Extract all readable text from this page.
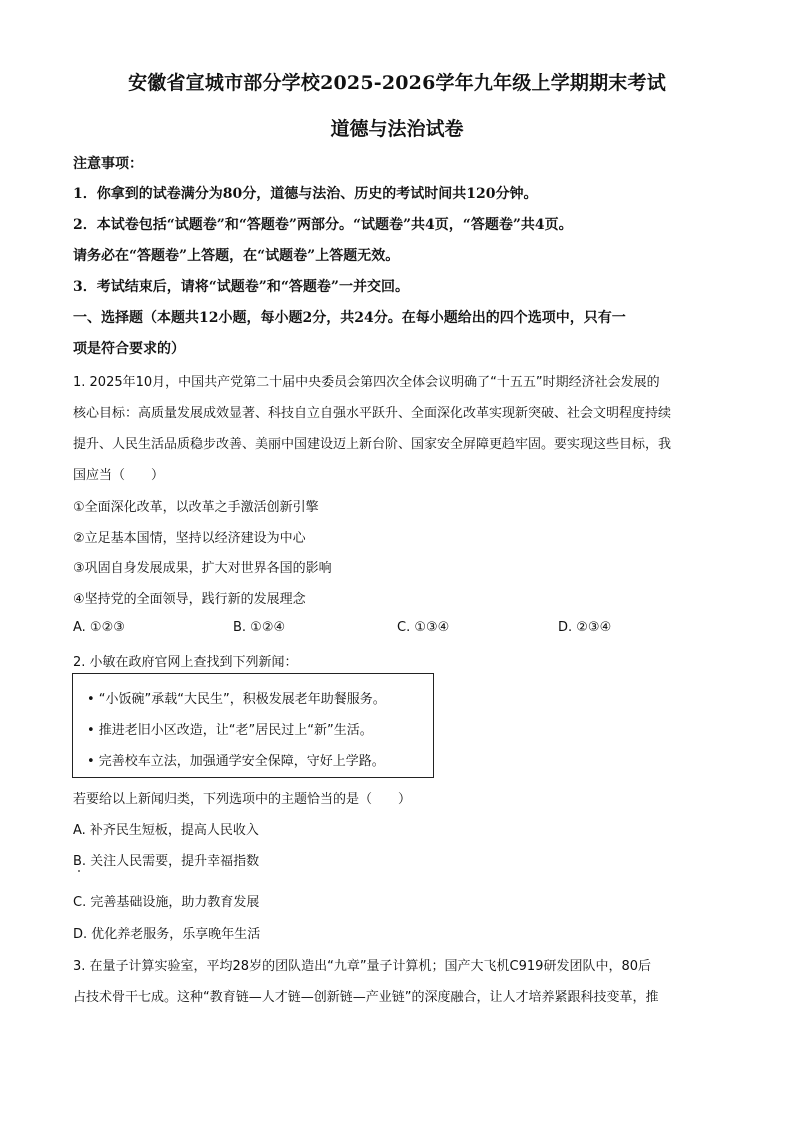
安徽省宣城市部分学校2025-2026学年九年级上学期期末考试
道德与法治试卷
注意事项：
1．你拿到的试卷满分为80分，道德与法治、历史的考试时间共120分钟。
2．本试卷包括“试题卷”和“答题卷”两部分。“试题卷”共4页，“答题卷”共4页。
请务必在“答题卷”上答题，在“试题卷”上答题无效。
3．考试结束后，请将“试题卷”和“答题卷”一并交回。
一、选择题（本题共12小题，每小题2分，共24分。在每小题给出的四个选项中，只有一
项是符合要求的）
1. 2025年10月，中国共产党第二十届中央委员会第四次全体会议明确了“十五五”时期经济社会发展的
核心目标：高质量发展成效显著、科技自立自强水平跃升、全面深化改革实现新突破、社会文明程度持续
提升、人民生活品质稳步改善、美丽中国建设迈上新台阶、国家安全屏障更趋牢固。要实现这些目标，我
国应当（　　）
①全面深化改革，以改革之手激活创新引擎
②立足基本国情，坚持以经济建设为中心
③巩固自身发展成果，扩大对世界各国的影响
④坚持党的全面领导，践行新的发展理念
A. ①②③	B. ①②④	C. ①③④	D. ②③④
2. 小敏在政府官网上查找到下列新闻：
• “小饭碗”承载“大民生”，积极发展老年助餐服务。
• 推进老旧小区改造，让“老”居民过上“新”生活。
• 完善校车立法，加强通学安全保障，守好上学路。
若要给以上新闻归类，下列选项中的主题恰当的是（　　）
A. 补齐民生短板，提高人民收入
B. 关注人民需要，提升幸福指数
C. 完善基础设施，助力教育发展
D. 优化养老服务，乐享晚年生活
3. 在量子计算实验室，平均28岁的团队造出“九章”量子计算机；国产大飞机C919研发团队中，80后
占技术骨干七成。这种“教育链—人才链—创新链—产业链”的深度融合，让人才培养紧跟科技变革，推
